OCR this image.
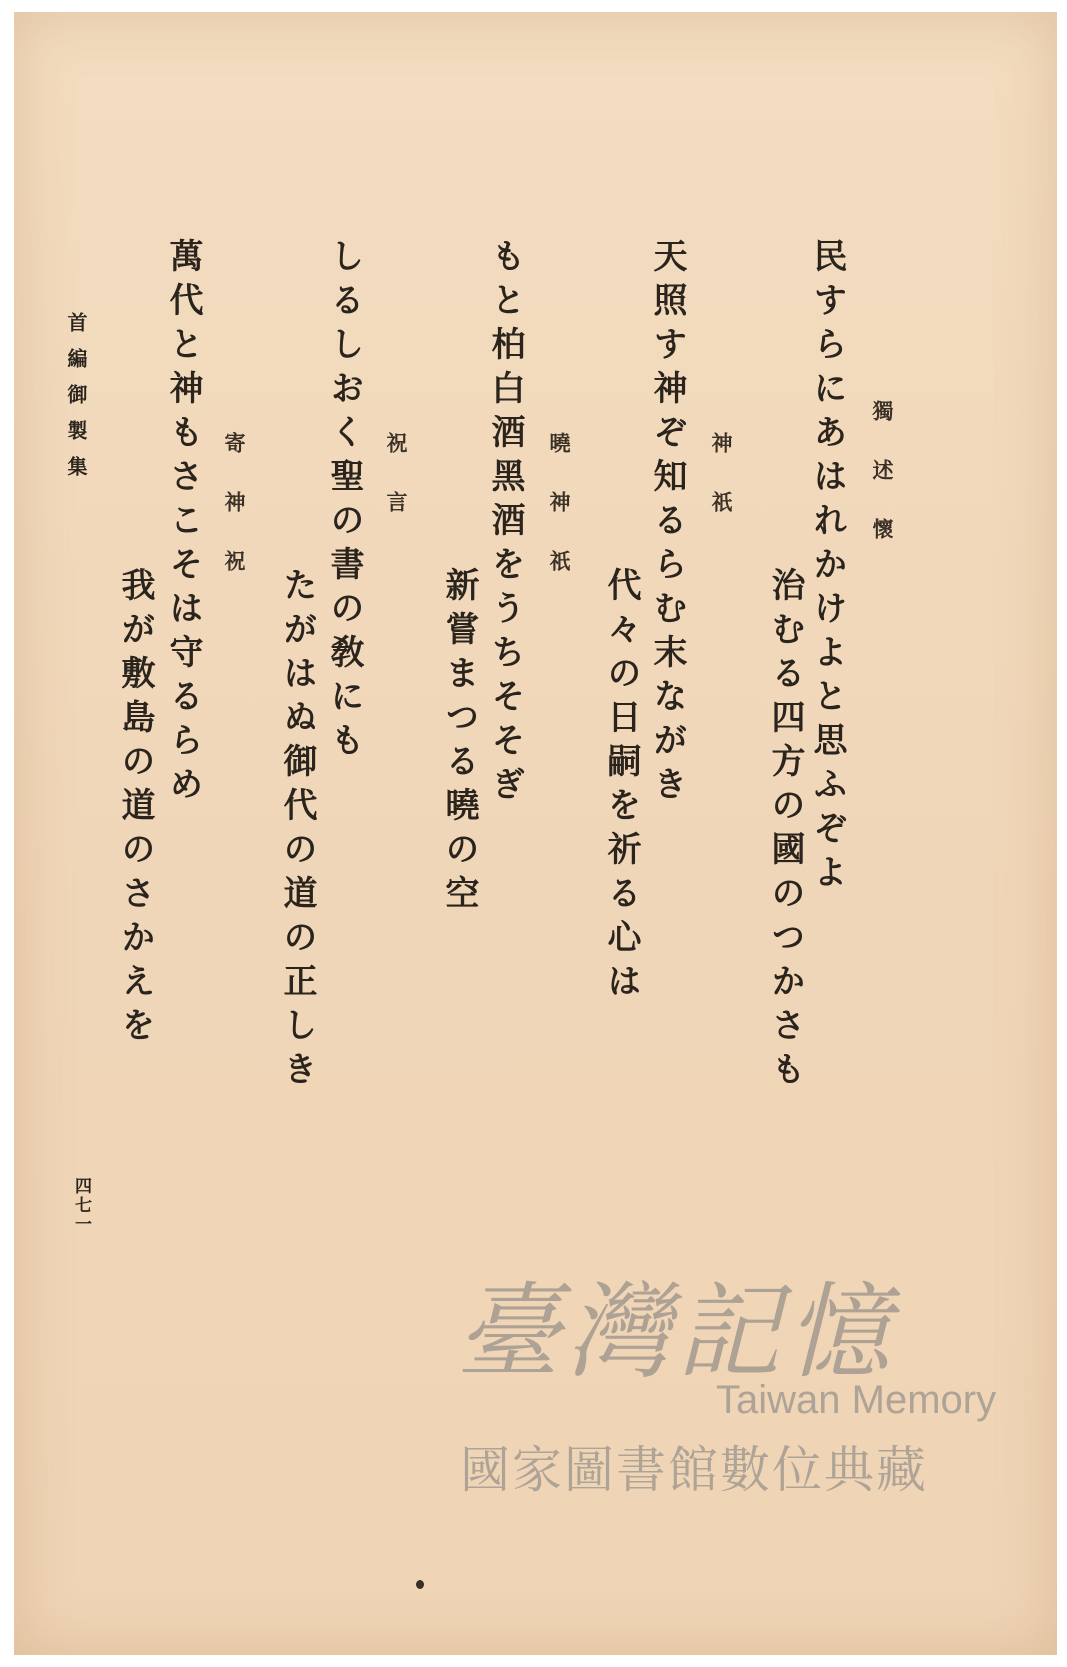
獨述懷
民すらにあはれかけよと思ふぞよ
治むる四方の國のつかさも
神祇
天照す神ぞ知るらむ末ながき
代々の日嗣を祈る心は
曉神祇
もと柏白酒黑酒をうちそそぎ
新嘗まつる曉の空
祝言
しるしおく聖の書の敎にも
たがはぬ御代の道の正しき
寄神祝
萬代と神もさこそは守るらめ
我が敷島の道のさかえを
首編御製集
四七一
臺灣記憶
Taiwan Memory
國家圖書館數位典藏
